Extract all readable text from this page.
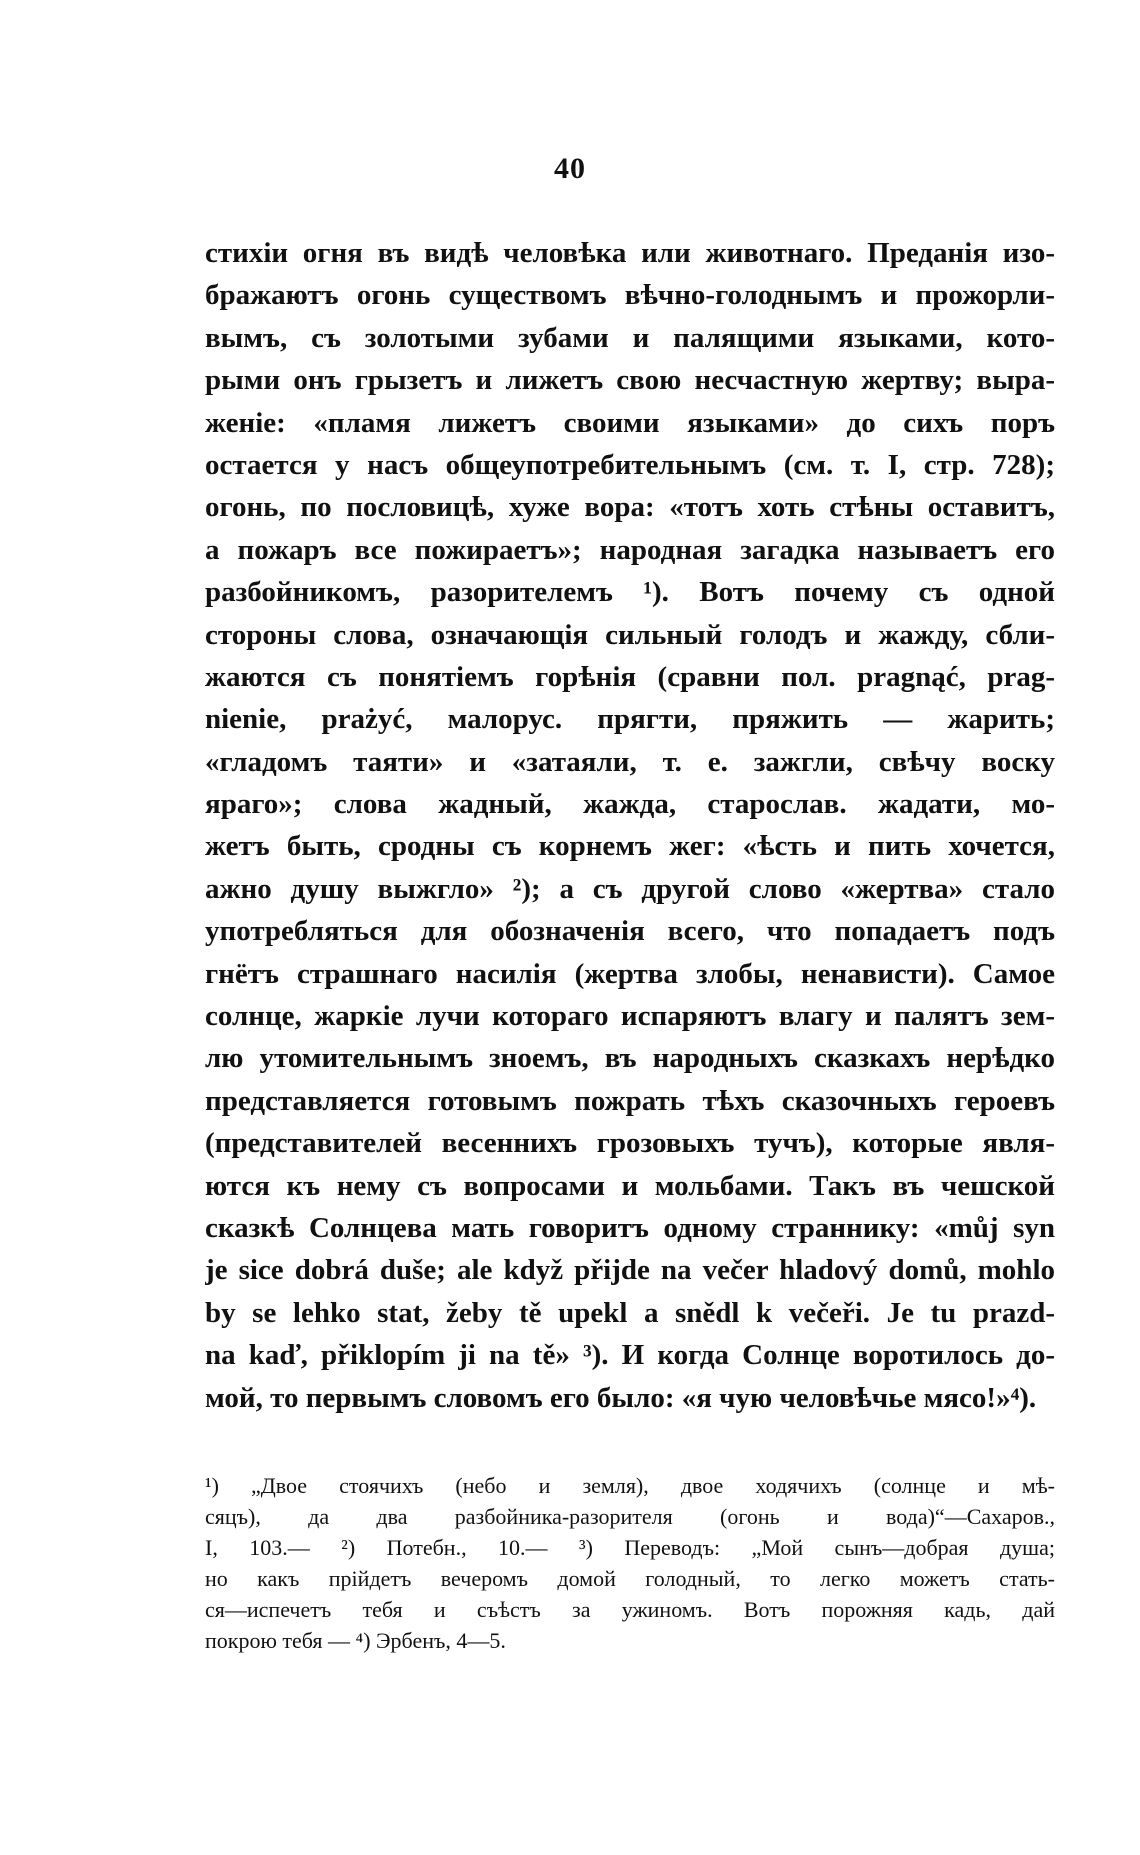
40
стихіи огня въ видѣ человѣка или животнаго. Преданія изо-
бражаютъ огонь существомъ вѣчно-голоднымъ и прожорли-
вымъ, съ золотыми зубами и палящими языками, кото-
рыми онъ грызетъ и лижетъ свою несчастную жертву; выра-
женіе: «пламя лижетъ своими языками» до сихъ поръ
остается у насъ общеупотребительнымъ (см. т. I, стр. 728);
огонь, по пословицѣ, хуже вора: «тотъ хоть стѣны оставитъ,
а пожаръ все пожираетъ»; народная загадка называетъ его
разбойникомъ, разорителемъ ¹). Вотъ почему съ одной
стороны слова, означающія сильный голодъ и жажду, сбли-
жаются съ понятіемъ горѣнія (сравни пол. pragnąć, prag-
nienie, prażyć, малорус. прягти, пряжить — жарить;
«гладомъ таяти» и «затаяли, т. е. зажгли, свѣчу воску
яраго»; слова жадный, жажда, старослав. жадати, мо-
жетъ быть, сродны съ корнемъ жег: «ѣсть и пить хочется,
ажно душу выжгло» ²); а съ другой слово «жертва» стало
употребляться для обозначенія всего, что попадаетъ подъ
гнётъ страшнаго насилія (жертва злобы, ненависти). Самое
солнце, жаркіе лучи котораго испаряютъ влагу и палятъ зем-
лю утомительнымъ зноемъ, въ народныхъ сказкахъ нерѣдко
представляется готовымъ пожрать тѣхъ сказочныхъ героевъ
(представителей весеннихъ грозовыхъ тучъ), которые явля-
ются къ нему съ вопросами и мольбами. Такъ въ чешской
сказкѣ Солнцева мать говоритъ одному страннику: «můj syn
je sice dobrá duše; ale když přijde na večer hladový domů, mohlo
by se lehko stat, žeby tě upekl a snědl k večeři. Je tu prazd-
na kaď, přiklopím ji na tě» ³). И когда Солнце воротилось до-
мой, то первымъ словомъ его было: «я чую человѣчье мясо!»⁴).
¹) „Двое стоячихъ (небо и земля), двое ходячихъ (солнце и мѣ-
сяцъ), да два разбойника-разорителя (огонь и вода)“—Сахаров.,
I, 103.— ²) Потебн., 10.— ³) Переводъ: „Мой сынъ—добрая душа;
но какъ прійдетъ вечеромъ домой голодный, то легко можетъ стать-
ся—испечетъ тебя и съѣстъ за ужиномъ. Вотъ порожняя кадь, дай
покрою тебя — ⁴) Эрбенъ, 4—5.
